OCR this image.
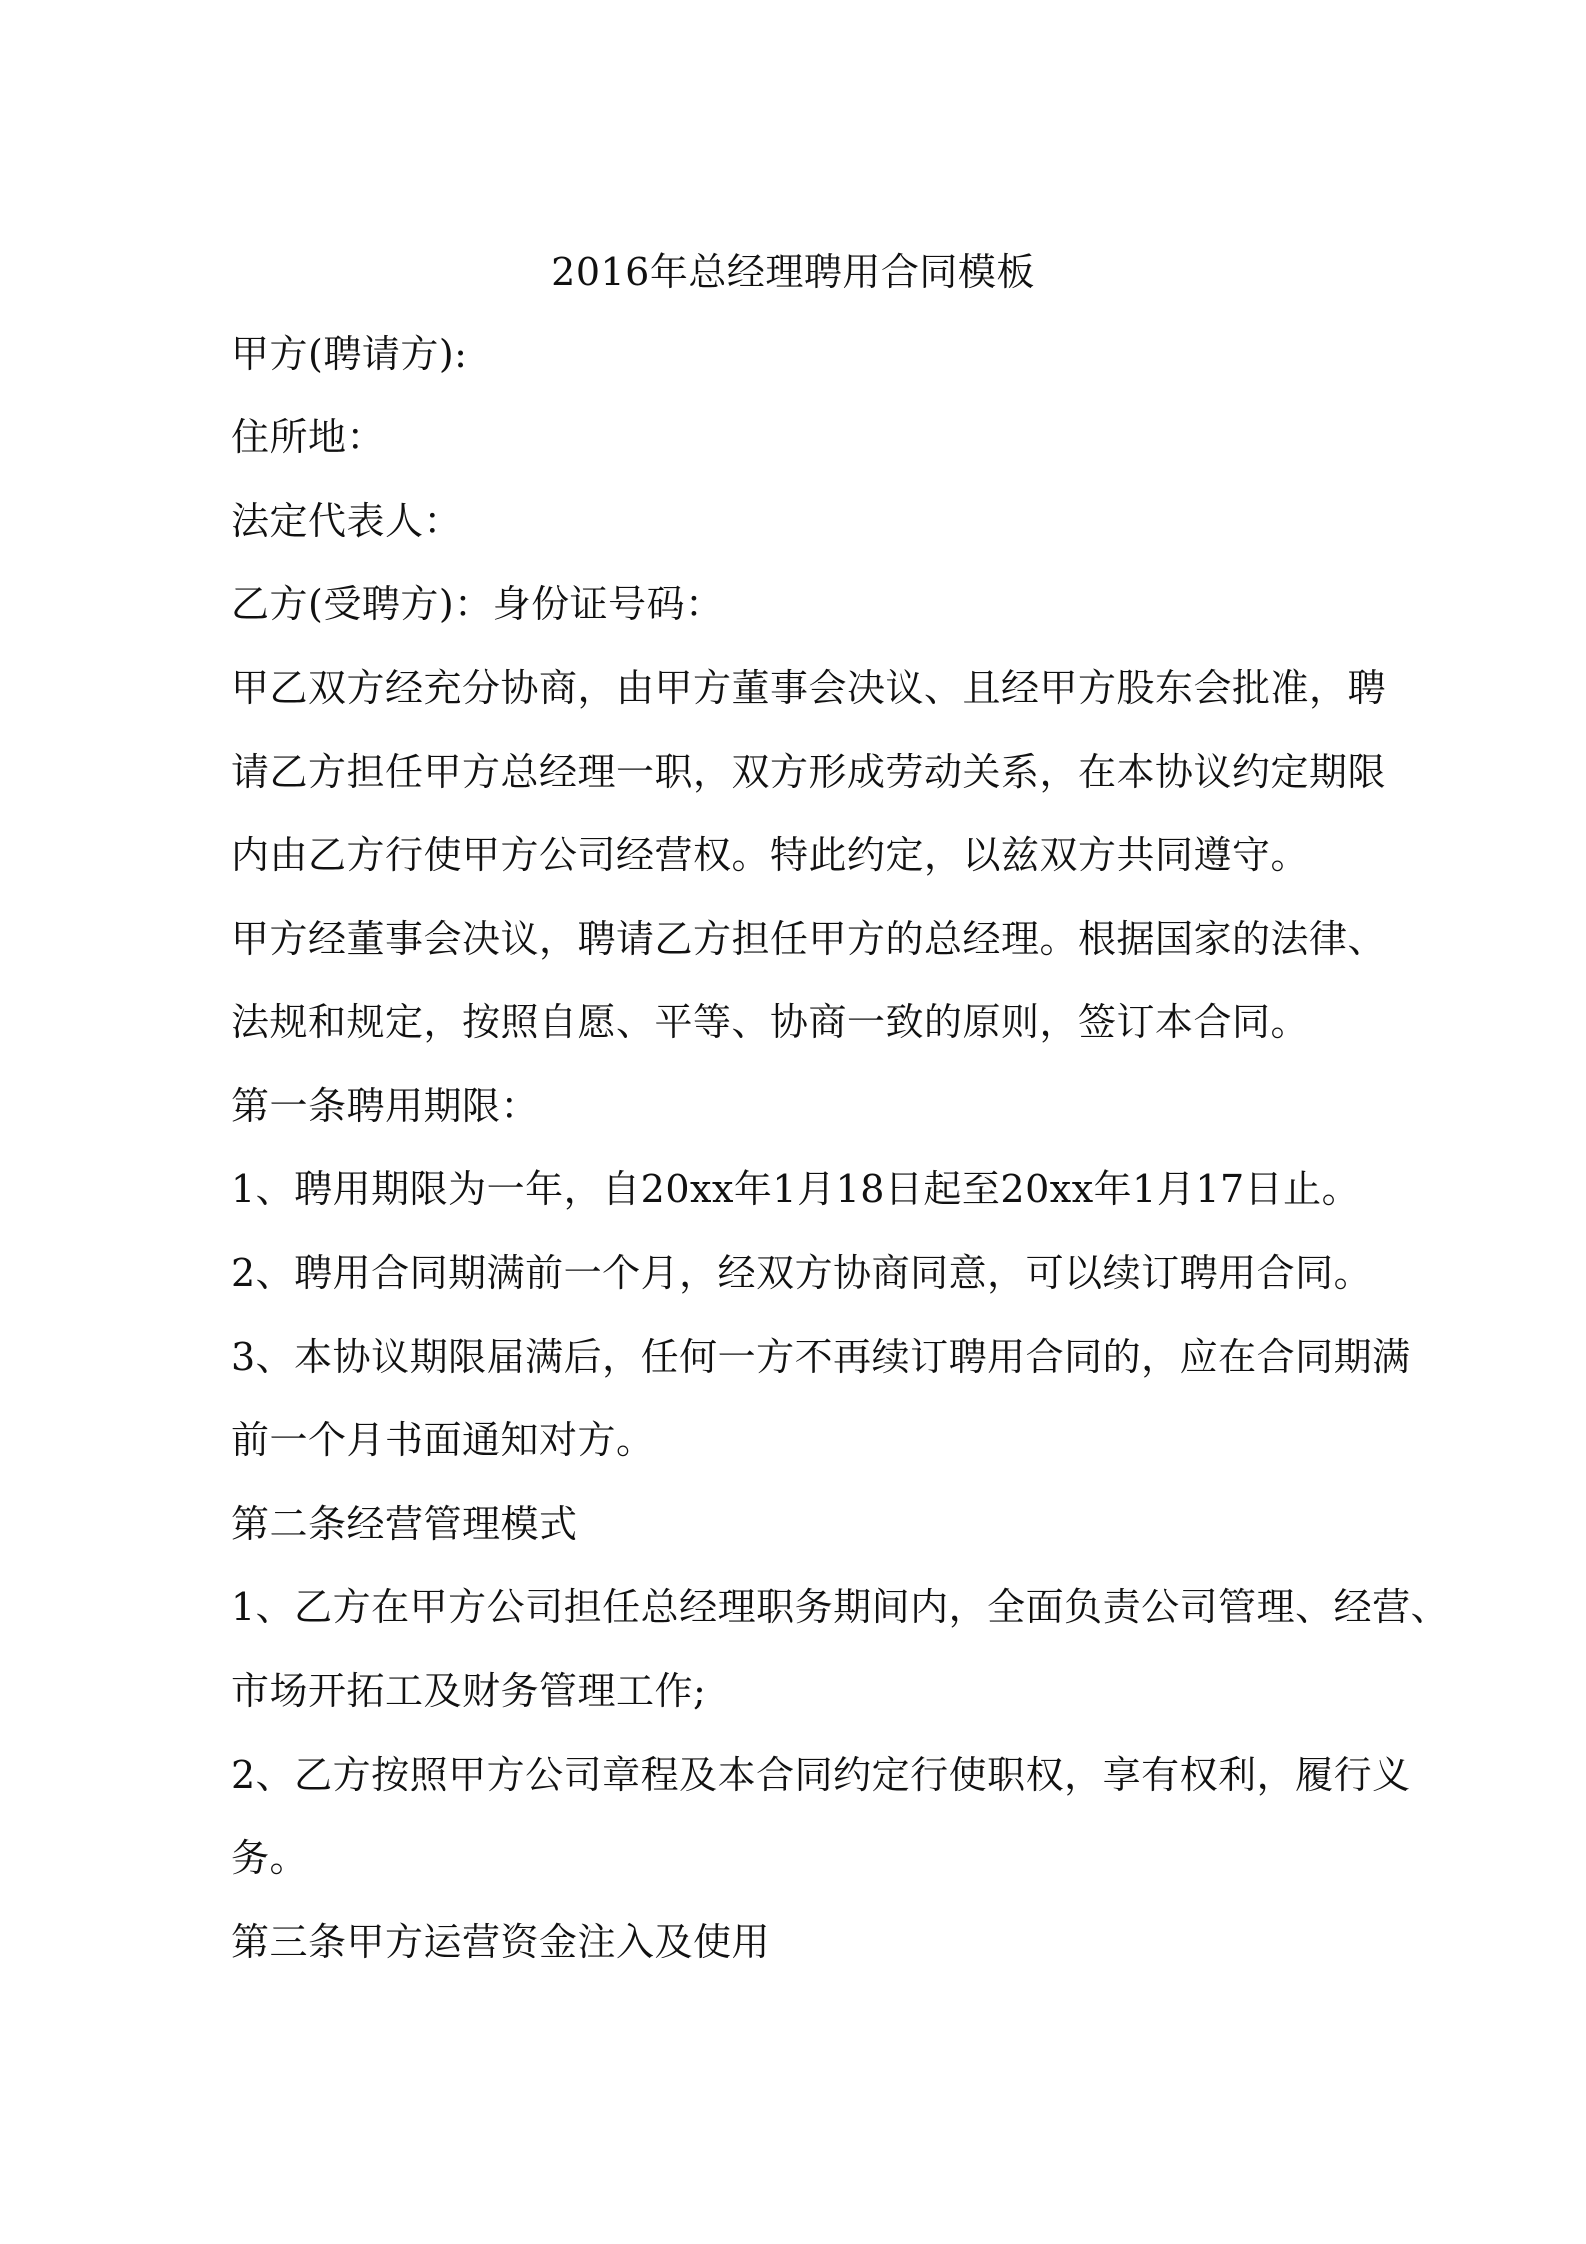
2016年总经理聘用合同模板

甲方(聘请方):

住所地：

法定代表人：

乙方(受聘方)：身份证号码：

甲乙双方经充分协商，由甲方董事会决议、且经甲方股东会批准，聘

请乙方担任甲方总经理一职，双方形成劳动关系，在本协议约定期限

内由乙方行使甲方公司经营权。特此约定，以兹双方共同遵守。

甲方经董事会决议，聘请乙方担任甲方的总经理。根据国家的法律、

法规和规定，按照自愿、平等、协商一致的原则，签订本合同。

第一条聘用期限：

1、聘用期限为一年，自20xx年1月18日起至20xx年1月17日止。

2、聘用合同期满前一个月，经双方协商同意，可以续订聘用合同。

3、本协议期限届满后，任何一方不再续订聘用合同的，应在合同期满

前一个月书面通知对方。

第二条经营管理模式

1、乙方在甲方公司担任总经理职务期间内，全面负责公司管理、经营、

市场开拓工及财务管理工作;

2、乙方按照甲方公司章程及本合同约定行使职权，享有权利，履行义

务。

第三条甲方运营资金注入及使用
